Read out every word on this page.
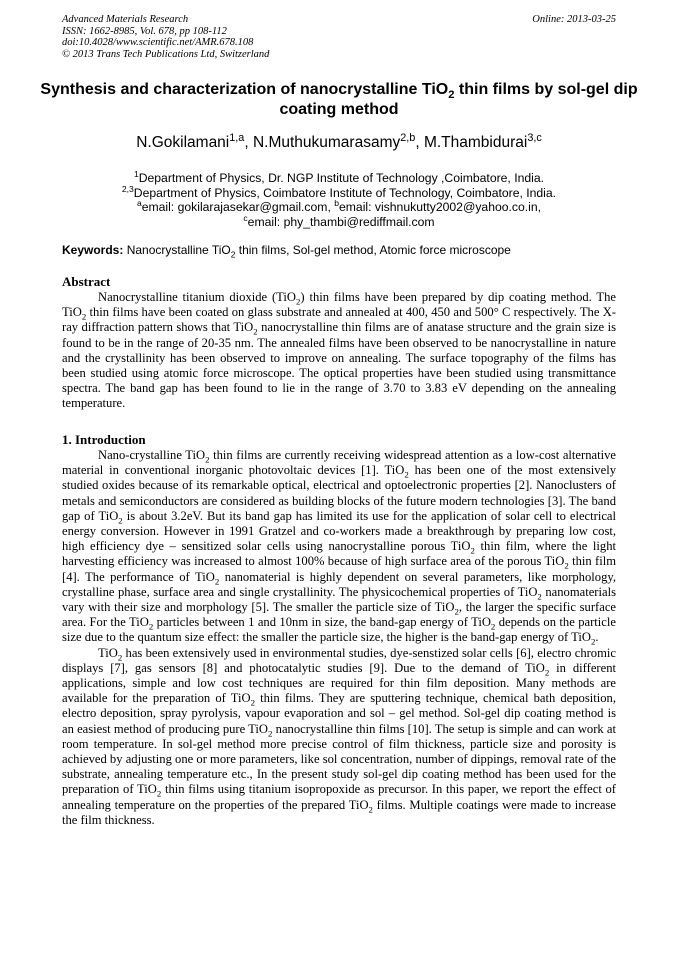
Advanced Materials Research
ISSN: 1662-8985, Vol. 678, pp 108-112
doi:10.4028/www.scientific.net/AMR.678.108
© 2013 Trans Tech Publications Ltd, Switzerland
Online: 2013-03-25
Synthesis and characterization of nanocrystalline TiO$_2$ thin films by sol-gel dip coating method
N.Gokilamani$^{1,a}$, N.Muthukumarasamy$^{2,b}$, M.Thambidurai$^{3,c}$
$^1$Department of Physics, Dr. NGP Institute of Technology ,Coimbatore, India.
$^{2,3}$Department of Physics, Coimbatore Institute of Technology, Coimbatore, India.
$^a$email: gokilarajasekar@gmail.com, $^b$email: vishnukutty2002@yahoo.co.in,
$^c$email: phy_thambi@rediffmail.com
Keywords: Nanocrystalline TiO$_2$ thin films, Sol-gel method, Atomic force microscope
Abstract

Nanocrystalline titanium dioxide (TiO$_2$) thin films have been prepared by dip coating method. The TiO$_2$ thin films have been coated on glass substrate and annealed at 400, 450 and 500° C respectively. The X- ray diffraction pattern shows that TiO$_2$ nanocrystalline thin films are of anatase structure and the grain size is found to be in the range of 20-35 nm. The annealed films have been observed to be nanocrystalline in nature and the crystallinity has been observed to improve on annealing. The surface topography of the films has been studied using atomic force microscope. The optical properties have been studied using transmittance spectra. The band gap has been found to lie in the range of 3.70 to 3.83 eV depending on the annealing temperature.

1. Introduction

Nano-crystalline TiO$_2$ thin films are currently receiving widespread attention as a low-cost alternative material in conventional inorganic photovoltaic devices [1]. TiO$_2$ has been one of the most extensively studied oxides because of its remarkable optical, electrical and optoelectronic properties [2]. Nanoclusters of metals and semiconductors are considered as building blocks of the future modern technologies [3]. The band gap of TiO$_2$ is about 3.2eV. But its band gap has limited its use for the application of solar cell to electrical energy conversion. However in 1991 Gratzel and co-workers made a breakthrough by preparing low cost, high efficiency dye – sensitized solar cells using nanocrystalline porous TiO$_2$ thin film, where the light harvesting efficiency was increased to almost 100% because of high surface area of the porous TiO$_2$ thin film [4]. The performance of TiO$_2$ nanomaterial is highly dependent on several parameters, like morphology, crystalline phase, surface area and single crystallinity. The physicochemical properties of TiO$_2$ nanomaterials vary with their size and morphology [5]. The smaller the particle size of TiO$_2$, the larger the specific surface area. For the TiO$_2$ particles between 1 and 10nm in size, the band-gap energy of TiO$_2$ depends on the particle size due to the quantum size effect: the smaller the particle size, the higher is the band-gap energy of TiO$_2$.

TiO$_2$ has been extensively used in environmental studies, dye-senstized solar cells [6], electro chromic displays [7], gas sensors [8] and photocatalytic studies [9]. Due to the demand of TiO$_2$ in different applications, simple and low cost techniques are required for thin film deposition. Many methods are available for the preparation of TiO$_2$ thin films. They are sputtering technique, chemical bath deposition, electro deposition, spray pyrolysis, vapour evaporation and sol – gel method. Sol-gel dip coating method is an easiest method of producing pure TiO$_2$ nanocrystalline thin films [10]. The setup is simple and can work at room temperature. In sol-gel method more precise control of film thickness, particle size and porosity is achieved by adjusting one or more parameters, like sol concentration, number of dippings, removal rate of the substrate, annealing temperature etc., In the present study sol-gel dip coating method has been used for the preparation of TiO$_2$ thin films using titanium isopropoxide as precursor. In this paper, we report the effect of annealing temperature on the properties of the prepared TiO$_2$ films. Multiple coatings were made to increase the film thickness.
